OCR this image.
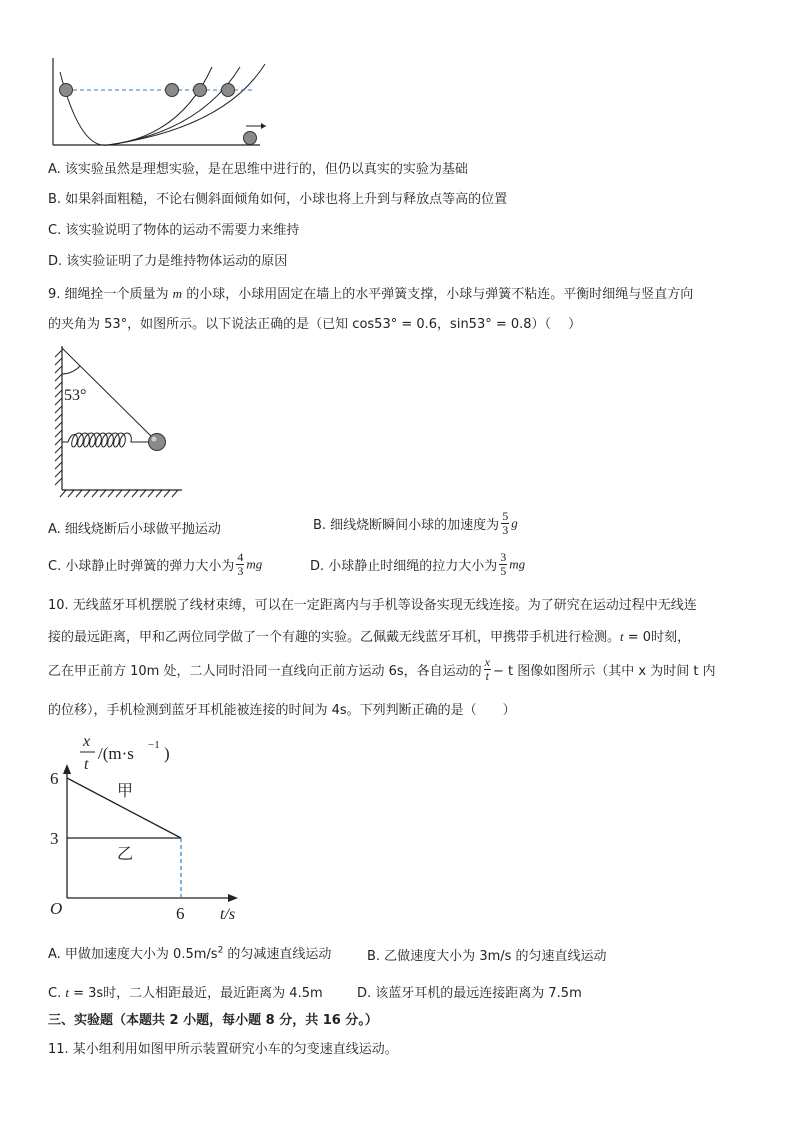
A. 该实验虽然是理想实验，是在思维中进行的，但仍以真实的实验为基础
B. 如果斜面粗糙，不论右侧斜面倾角如何，小球也将上升到与释放点等高的位置
C. 该实验说明了物体的运动不需要力来维持
D. 该实验证明了力是维持物体运动的原因
9. 细绳拴一个质量为 m 的小球，小球用固定在墙上的水平弹簧支撑，小球与弹簧不粘连。平衡时细绳与竖直方向
的夹角为 53°，如图所示。以下说法正确的是（已知 cos53° = 0.6，sin53° = 0.8）（　 ）
53°
A. 细线烧断后小球做平抛运动	B. 细线烧断瞬间小球的加速度为 $\frac{5}{3}$ g
C. 小球静止时弹簧的弹力大小为 $\frac{4}{3}$ mg	D. 小球静止时细绳的拉力大小为 $\frac{3}{5}$ mg
10. 无线蓝牙耳机摆脱了线材束缚，可以在一定距离内与手机等设备实现无线连接。为了研究在运动过程中无线连
接的最远距离，甲和乙两位同学做了一个有趣的实验。乙佩戴无线蓝牙耳机，甲携带手机进行检测。t = 0时刻，
乙在甲正前方 10m 处，二人同时沿同一直线向正前方运动 6s，各自运动的 $\frac{x}{t} - t$ 图像如图所示（其中 x 为时间 t 内
的位移），手机检测到蓝牙耳机能被连接的时间为 4s。下列判断正确的是（　　）
x
t
/(m·s −1 )
O	t/s
甲
乙
6
3
6
A. 甲做加速度大小为 $0.5m/s^2$ 的匀减速直线运动	B. 乙做速度大小为 3m/s 的匀速直线运动
C. t = 3s时，二人相距最近，最近距离为 4.5m	D. 该蓝牙耳机的最远连接距离为 7.5m
三、实验题（本题共 2 小题，每小题 8 分，共 16 分。）
11. 某小组利用如图甲所示装置研究小车的匀变速直线运动。
